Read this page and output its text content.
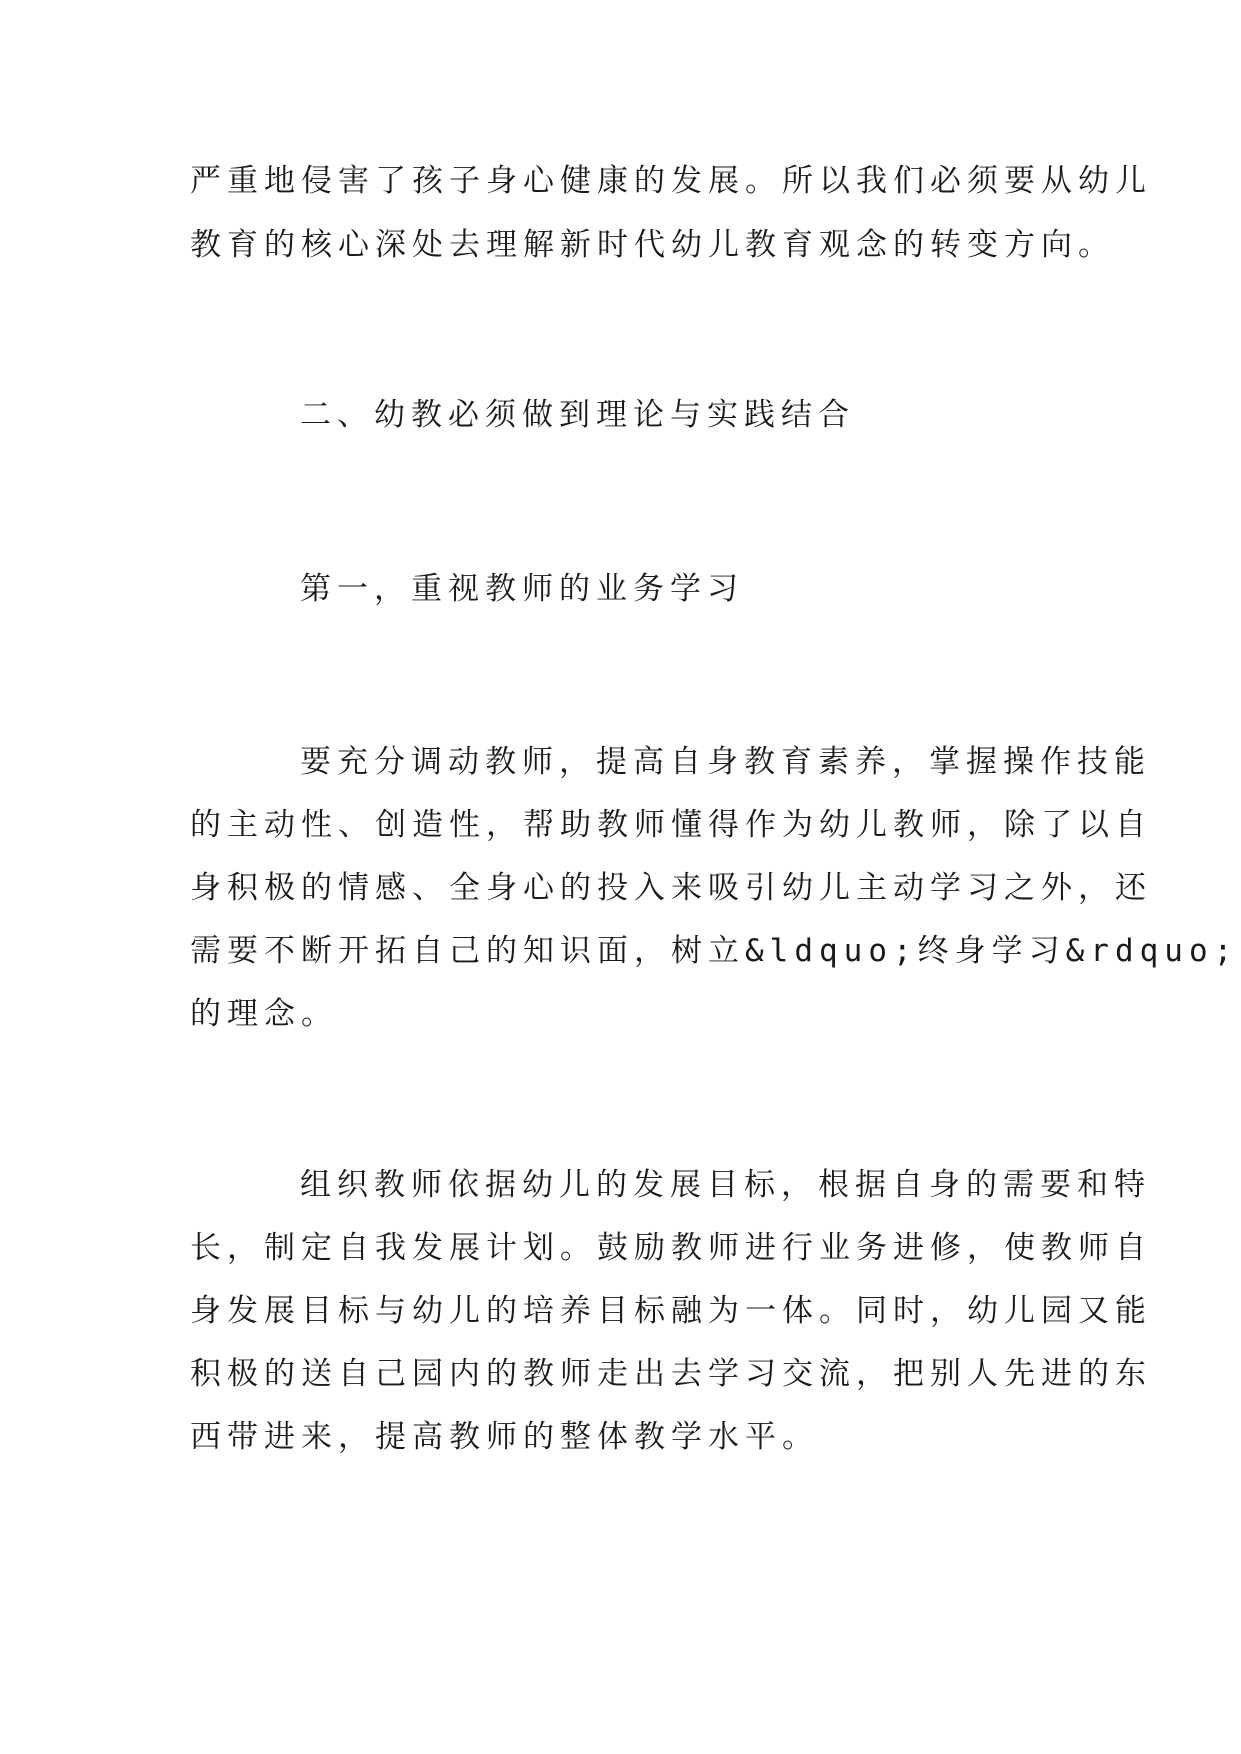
严重地侵害了孩子身心健康的发展。所以我们必须要从幼儿
教育的核心深处去理解新时代幼儿教育观念的转变方向。
二、幼教必须做到理论与实践结合
第一，重视教师的业务学习
要充分调动教师，提高自身教育素养，掌握操作技能
的主动性、创造性，帮助教师懂得作为幼儿教师，除了以自
身积极的情感、全身心的投入来吸引幼儿主动学习之外，还
需要不断开拓自己的知识面，树立&ldquo;终身学习&rdquo;
的理念。
组织教师依据幼儿的发展目标，根据自身的需要和特
长，制定自我发展计划。鼓励教师进行业务进修，使教师自
身发展目标与幼儿的培养目标融为一体。同时，幼儿园又能
积极的送自己园内的教师走出去学习交流，把别人先进的东
西带进来，提高教师的整体教学水平。
